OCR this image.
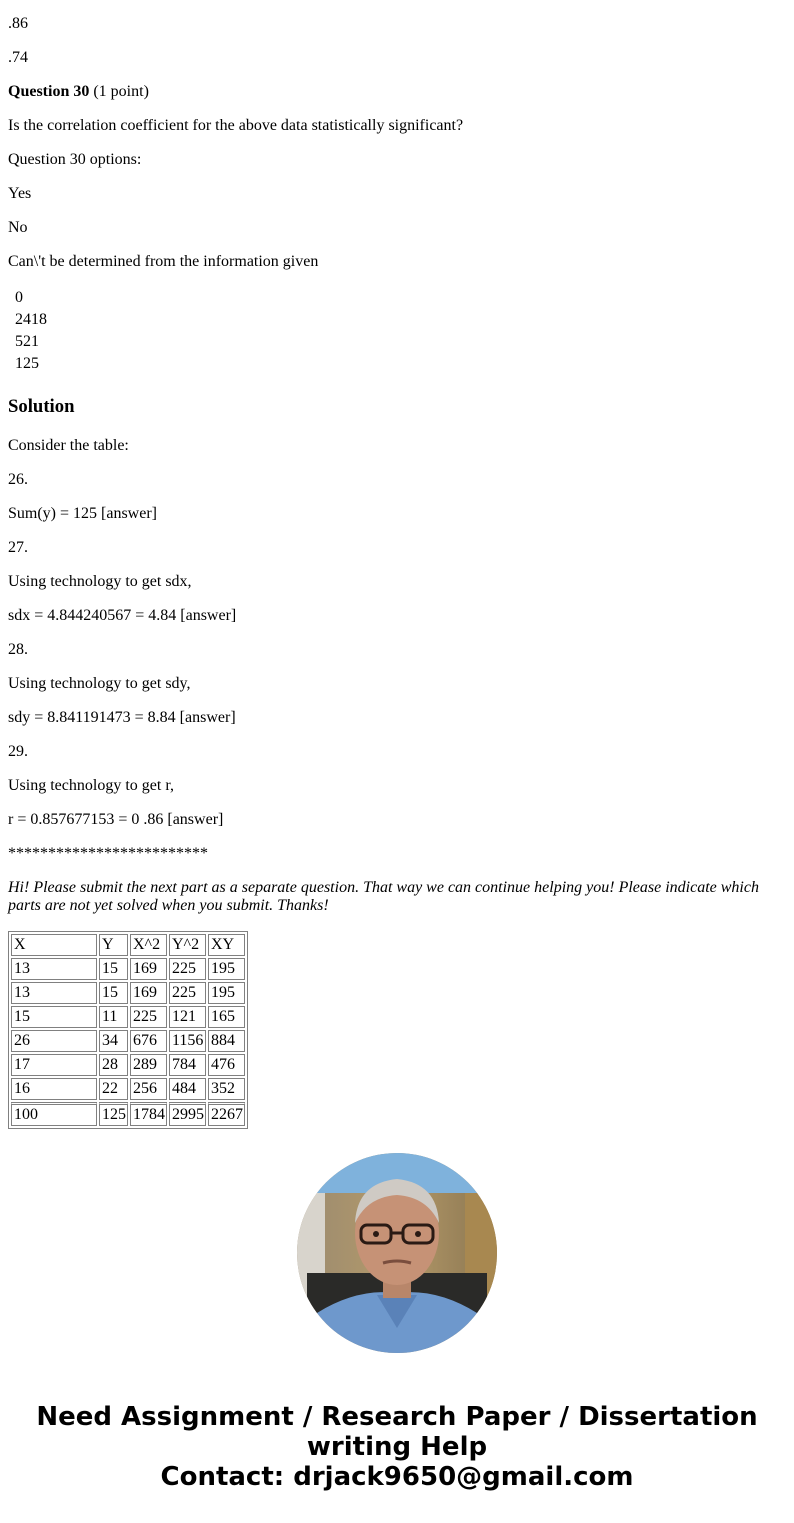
.86
.74
Question 30 (1 point)
Is the correlation coefficient for the above data statistically significant?
Question 30 options:
Yes
No
Can\'t be determined from the information given
0
2418
521
125
Solution
Consider the table:
26.
Sum(y) = 125 [answer]
27.
Using technology to get sdx,
sdx = 4.844240567 = 4.84 [answer]
28.
Using technology to get sdy,
sdy = 8.841191473 = 8.84 [answer]
29.
Using technology to get r,
r = 0.857677153 = 0 .86 [answer]
*************************
Hi! Please submit the next part as a separate question. That way we can continue helping you! Please indicate which parts are not yet solved when you submit. Thanks!
X	Y	X^2	Y^2	XY
13	15	169	225	195
13	15	169	225	195
15	11	225	121	165
26	34	676	1156	884
17	28	289	784	476
16	22	256	484	352
100	125	1784	2995	2267
Need Assignment / Research Paper / Dissertation
writing Help
Contact: drjack9650@gmail.com
